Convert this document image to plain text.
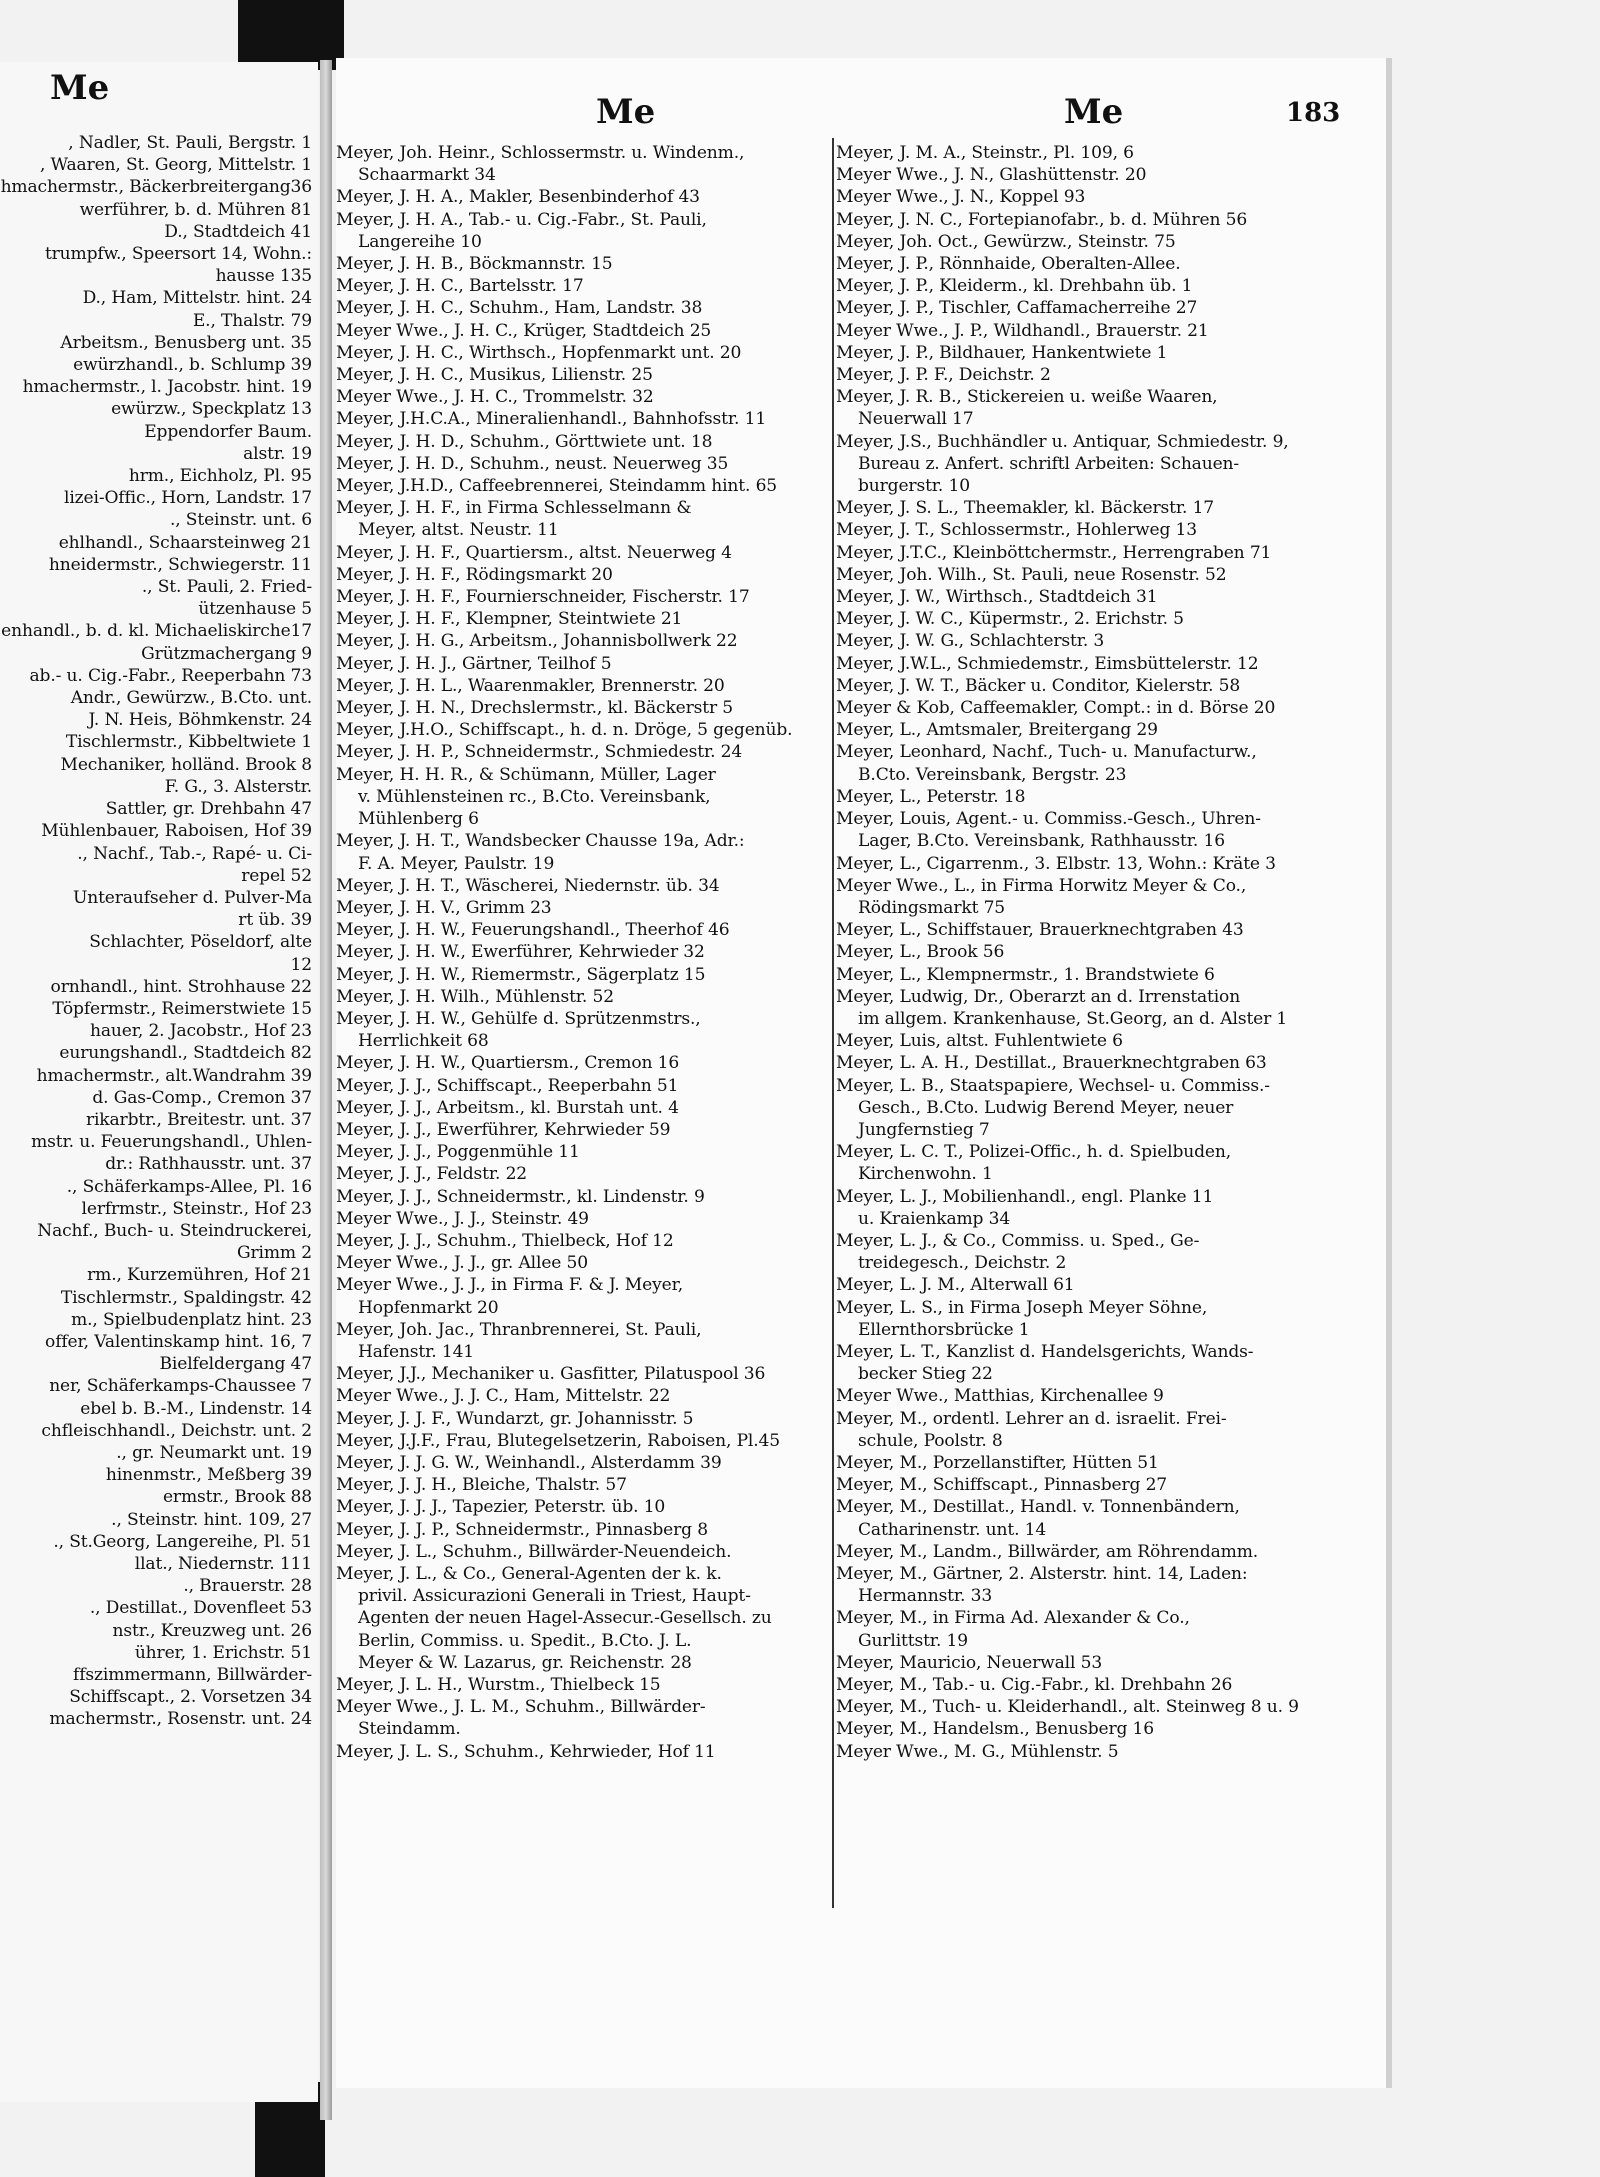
Me
, Nadler, St. Pauli, Bergstr. 1
, Waaren, St. Georg, Mittelstr. 1
hmachermstr., Bäckerbreitergang36
werführer, b. d. Mühren 81
D., Stadtdeich 41
trumpfw., Speersort 14, Wohn.:
hausse 135
D., Ham, Mittelstr. hint. 24
E., Thalstr. 79
Arbeitsm., Benusberg unt. 35
ewürzhandl., b. Schlump 39
hmachermstr., l. Jacobstr. hint. 19
ewürzw., Speckplatz 13
Eppendorfer Baum.
alstr. 19
hrm., Eichholz, Pl. 95
lizei-Offic., Horn, Landstr. 17
., Steinstr. unt. 6
ehlhandl., Schaarsteinweg 21
hneidermstr., Schwiegerstr. 11
., St. Pauli, 2. Fried-
ützenhause 5
enhandl., b. d. kl. Michaeliskirche17
Grützmachergang 9
ab.- u. Cig.-Fabr., Reeperbahn 73
Andr., Gewürzw., B.Cto. unt.
J. N. Heis, Böhmkenstr. 24
Tischlermstr., Kibbeltwiete 1
Mechaniker, holländ. Brook 8
F. G., 3. Alsterstr.
Sattler, gr. Drehbahn 47
Mühlenbauer, Raboisen, Hof 39
., Nachf., Tab.-, Rapé- u. Ci-
repel 52
Unteraufseher d. Pulver-Ma
rt üb. 39
Schlachter, Pöseldorf, alte
12
ornhandl., hint. Strohhause 22
Töpfermstr., Reimerstwiete 15
hauer, 2. Jacobstr., Hof 23
eurungshandl., Stadtdeich 82
hmachermstr., alt.Wandrahm 39
d. Gas-Comp., Cremon 37
rikarbtr., Breitestr. unt. 37
mstr. u. Feuerungshandl., Uhlen-
dr.: Rathhausstr. unt. 37
., Schäferkamps-Allee, Pl. 16
lerfrmstr., Steinstr., Hof 23
Nachf., Buch- u. Steindruckerei,
Grimm 2
rm., Kurzemühren, Hof 21
Tischlermstr., Spaldingstr. 42
m., Spielbudenplatz hint. 23
offer, Valentinskamp hint. 16, 7
Bielfeldergang 47
ner, Schäferkamps-Chaussee 7
ebel b. B.-M., Lindenstr. 14
chfleischhandl., Deichstr. unt. 2
., gr. Neumarkt unt. 19
hinenmstr., Meßberg 39
ermstr., Brook 88
., Steinstr. hint. 109, 27
., St.Georg, Langereihe, Pl. 51
llat., Niedernstr. 111
., Brauerstr. 28
., Destillat., Dovenfleet 53
nstr., Kreuzweg unt. 26
ührer, 1. Erichstr. 51
ffszimmermann, Billwärder-
Schiffscapt., 2. Vorsetzen 34
machermstr., Rosenstr. unt. 24
Me	Me	183
Meyer, Joh. Heinr., Schlossermstr. u. Windenm.,
Schaarmarkt 34
Meyer, J. H. A., Makler, Besenbinderhof 43
Meyer, J. H. A., Tab.- u. Cig.-Fabr., St. Pauli,
Langereihe 10
Meyer, J. H. B., Böckmannstr. 15
Meyer, J. H. C., Bartelsstr. 17
Meyer, J. H. C., Schuhm., Ham, Landstr. 38
Meyer Wwe., J. H. C., Krüger, Stadtdeich 25
Meyer, J. H. C., Wirthsch., Hopfenmarkt unt. 20
Meyer, J. H. C., Musikus, Lilienstr. 25
Meyer Wwe., J. H. C., Trommelstr. 32
Meyer, J.H.C.A., Mineralienhandl., Bahnhofsstr. 11
Meyer, J. H. D., Schuhm., Görttwiete unt. 18
Meyer, J. H. D., Schuhm., neust. Neuerweg 35
Meyer, J.H.D., Caffeebrennerei, Steindamm hint. 65
Meyer, J. H. F., in Firma Schlesselmann &
Meyer, altst. Neustr. 11
Meyer, J. H. F., Quartiersm., altst. Neuerweg 4
Meyer, J. H. F., Rödingsmarkt 20
Meyer, J. H. F., Fournierschneider, Fischerstr. 17
Meyer, J. H. F., Klempner, Steintwiete 21
Meyer, J. H. G., Arbeitsm., Johannisbollwerk 22
Meyer, J. H. J., Gärtner, Teilhof 5
Meyer, J. H. L., Waarenmakler, Brennerstr. 20
Meyer, J. H. N., Drechslermstr., kl. Bäckerstr 5
Meyer, J.H.O., Schiffscapt., h. d. n. Dröge, 5 gegenüb.
Meyer, J. H. P., Schneidermstr., Schmiedestr. 24
Meyer, H. H. R., & Schümann, Müller, Lager
v. Mühlensteinen rc., B.Cto. Vereinsbank,
Mühlenberg 6
Meyer, J. H. T., Wandsbecker Chausse 19a, Adr.:
F. A. Meyer, Paulstr. 19
Meyer, J. H. T., Wäscherei, Niedernstr. üb. 34
Meyer, J. H. V., Grimm 23
Meyer, J. H. W., Feuerungshandl., Theerhof 46
Meyer, J. H. W., Ewerführer, Kehrwieder 32
Meyer, J. H. W., Riemermstr., Sägerplatz 15
Meyer, J. H. Wilh., Mühlenstr. 52
Meyer, J. H. W., Gehülfe d. Sprützenmstrs.,
Herrlichkeit 68
Meyer, J. H. W., Quartiersm., Cremon 16
Meyer, J. J., Schiffscapt., Reeperbahn 51
Meyer, J. J., Arbeitsm., kl. Burstah unt. 4
Meyer, J. J., Ewerführer, Kehrwieder 59
Meyer, J. J., Poggenmühle 11
Meyer, J. J., Feldstr. 22
Meyer, J. J., Schneidermstr., kl. Lindenstr. 9
Meyer Wwe., J. J., Steinstr. 49
Meyer, J. J., Schuhm., Thielbeck, Hof 12
Meyer Wwe., J. J., gr. Allee 50
Meyer Wwe., J. J., in Firma F. & J. Meyer,
Hopfenmarkt 20
Meyer, Joh. Jac., Thranbrennerei, St. Pauli,
Hafenstr. 141
Meyer, J.J., Mechaniker u. Gasfitter, Pilatuspool 36
Meyer Wwe., J. J. C., Ham, Mittelstr. 22
Meyer, J. J. F., Wundarzt, gr. Johannisstr. 5
Meyer, J.J.F., Frau, Blutegelsetzerin, Raboisen, Pl.45
Meyer, J. J. G. W., Weinhandl., Alsterdamm 39
Meyer, J. J. H., Bleiche, Thalstr. 57
Meyer, J. J. J., Tapezier, Peterstr. üb. 10
Meyer, J. J. P., Schneidermstr., Pinnasberg 8
Meyer, J. L., Schuhm., Billwärder-Neuendeich.
Meyer, J. L., & Co., General-Agenten der k. k.
privil. Assicurazioni Generali in Triest, Haupt-
Agenten der neuen Hagel-Assecur.-Gesellsch. zu
Berlin, Commiss. u. Spedit., B.Cto. J. L.
Meyer & W. Lazarus, gr. Reichenstr. 28
Meyer, J. L. H., Wurstm., Thielbeck 15
Meyer Wwe., J. L. M., Schuhm., Billwärder-
Steindamm.
Meyer, J. L. S., Schuhm., Kehrwieder, Hof 11
Meyer, J. M. A., Steinstr., Pl. 109, 6
Meyer Wwe., J. N., Glashüttenstr. 20
Meyer Wwe., J. N., Koppel 93
Meyer, J. N. C., Fortepianofabr., b. d. Mühren 56
Meyer, Joh. Oct., Gewürzw., Steinstr. 75
Meyer, J. P., Rönnhaide, Oberalten-Allee.
Meyer, J. P., Kleiderm., kl. Drehbahn üb. 1
Meyer, J. P., Tischler, Caffamacherreihe 27
Meyer Wwe., J. P., Wildhandl., Brauerstr. 21
Meyer, J. P., Bildhauer, Hankentwiete 1
Meyer, J. P. F., Deichstr. 2
Meyer, J. R. B., Stickereien u. weiße Waaren,
Neuerwall 17
Meyer, J.S., Buchhändler u. Antiquar, Schmiedestr. 9,
Bureau z. Anfert. schriftl Arbeiten: Schauen-
burgerstr. 10
Meyer, J. S. L., Theemakler, kl. Bäckerstr. 17
Meyer, J. T., Schlossermstr., Hohlerweg 13
Meyer, J.T.C., Kleinböttchermstr., Herrengraben 71
Meyer, Joh. Wilh., St. Pauli, neue Rosenstr. 52
Meyer, J. W., Wirthsch., Stadtdeich 31
Meyer, J. W. C., Küpermstr., 2. Erichstr. 5
Meyer, J. W. G., Schlachterstr. 3
Meyer, J.W.L., Schmiedemstr., Eimsbüttelerstr. 12
Meyer, J. W. T., Bäcker u. Conditor, Kielerstr. 58
Meyer & Kob, Caffeemakler, Compt.: in d. Börse 20
Meyer, L., Amtsmaler, Breitergang 29
Meyer, Leonhard, Nachf., Tuch- u. Manufacturw.,
B.Cto. Vereinsbank, Bergstr. 23
Meyer, L., Peterstr. 18
Meyer, Louis, Agent.- u. Commiss.-Gesch., Uhren-
Lager, B.Cto. Vereinsbank, Rathhausstr. 16
Meyer, L., Cigarrenm., 3. Elbstr. 13, Wohn.: Kräte 3
Meyer Wwe., L., in Firma Horwitz Meyer & Co.,
Rödingsmarkt 75
Meyer, L., Schiffstauer, Brauerknechtgraben 43
Meyer, L., Brook 56
Meyer, L., Klempnermstr., 1. Brandstwiete 6
Meyer, Ludwig, Dr., Oberarzt an d. Irrenstation
im allgem. Krankenhause, St.Georg, an d. Alster 1
Meyer, Luis, altst. Fuhlentwiete 6
Meyer, L. A. H., Destillat., Brauerknechtgraben 63
Meyer, L. B., Staatspapiere, Wechsel- u. Commiss.-
Gesch., B.Cto. Ludwig Berend Meyer, neuer
Jungfernstieg 7
Meyer, L. C. T., Polizei-Offic., h. d. Spielbuden,
Kirchenwohn. 1
Meyer, L. J., Mobilienhandl., engl. Planke 11
u. Kraienkamp 34
Meyer, L. J., & Co., Commiss. u. Sped., Ge-
treidegesch., Deichstr. 2
Meyer, L. J. M., Alterwall 61
Meyer, L. S., in Firma Joseph Meyer Söhne,
Ellernthorsbrücke 1
Meyer, L. T., Kanzlist d. Handelsgerichts, Wands-
becker Stieg 22
Meyer Wwe., Matthias, Kirchenallee 9
Meyer, M., ordentl. Lehrer an d. israelit. Frei-
schule, Poolstr. 8
Meyer, M., Porzellanstifter, Hütten 51
Meyer, M., Schiffscapt., Pinnasberg 27
Meyer, M., Destillat., Handl. v. Tonnenbändern,
Catharinenstr. unt. 14
Meyer, M., Landm., Billwärder, am Röhrendamm.
Meyer, M., Gärtner, 2. Alsterstr. hint. 14, Laden:
Hermannstr. 33
Meyer, M., in Firma Ad. Alexander & Co.,
Gurlittstr. 19
Meyer, Mauricio, Neuerwall 53
Meyer, M., Tab.- u. Cig.-Fabr., kl. Drehbahn 26
Meyer, M., Tuch- u. Kleiderhandl., alt. Steinweg 8 u. 9
Meyer, M., Handelsm., Benusberg 16
Meyer Wwe., M. G., Mühlenstr. 5
